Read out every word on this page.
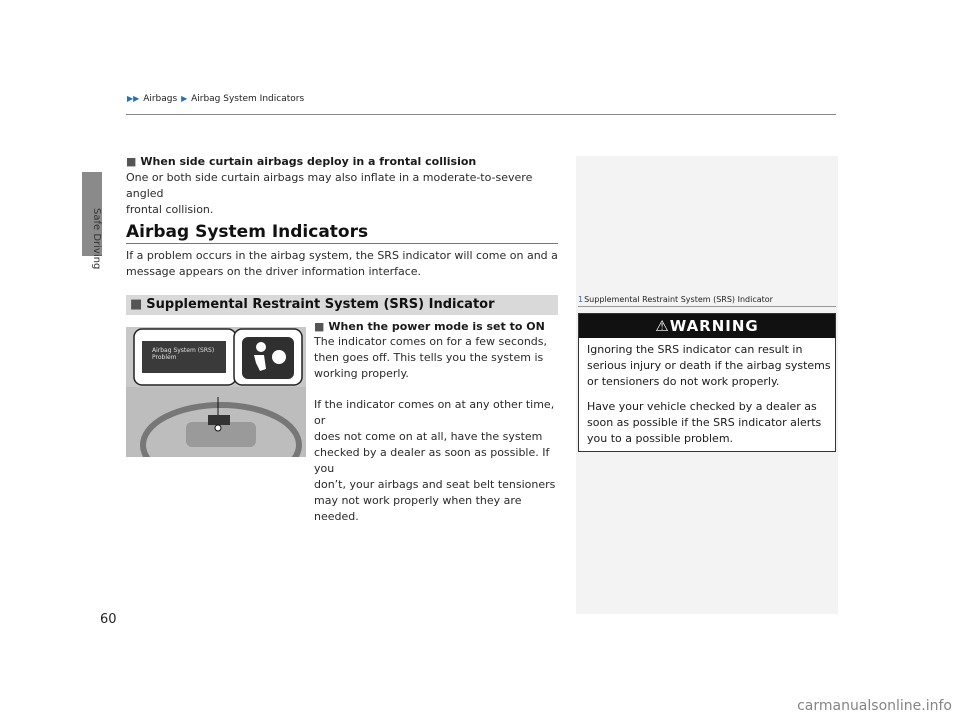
Safe Driving
▶▶ Airbags ▶ Airbag System Indicators
■ When side curtain airbags deploy in a frontal collision
One or both side curtain airbags may also inflate in a moderate-to-severe angled
frontal collision.
Airbag System Indicators
If a problem occurs in the airbag system, the SRS indicator will come on and a
message appears on the driver information interface.
■ Supplemental Restraint System (SRS) Indicator
Airbag System (SRS)
Problem
■ When the power mode is set to ON
The indicator comes on for a few seconds,
then goes off. This tells you the system is
working properly.
If the indicator comes on at any other time, or
does not come on at all, have the system
checked by a dealer as soon as possible. If you
don’t, your airbags and seat belt tensioners
may not work properly when they are needed.
1Supplemental Restraint System (SRS) Indicator
⚠WARNING
Ignoring the SRS indicator can result in
serious injury or death if the airbag systems
or tensioners do not work properly.
Have your vehicle checked by a dealer as
soon as possible if the SRS indicator alerts
you to a possible problem.
60
carmanualsonline.info
